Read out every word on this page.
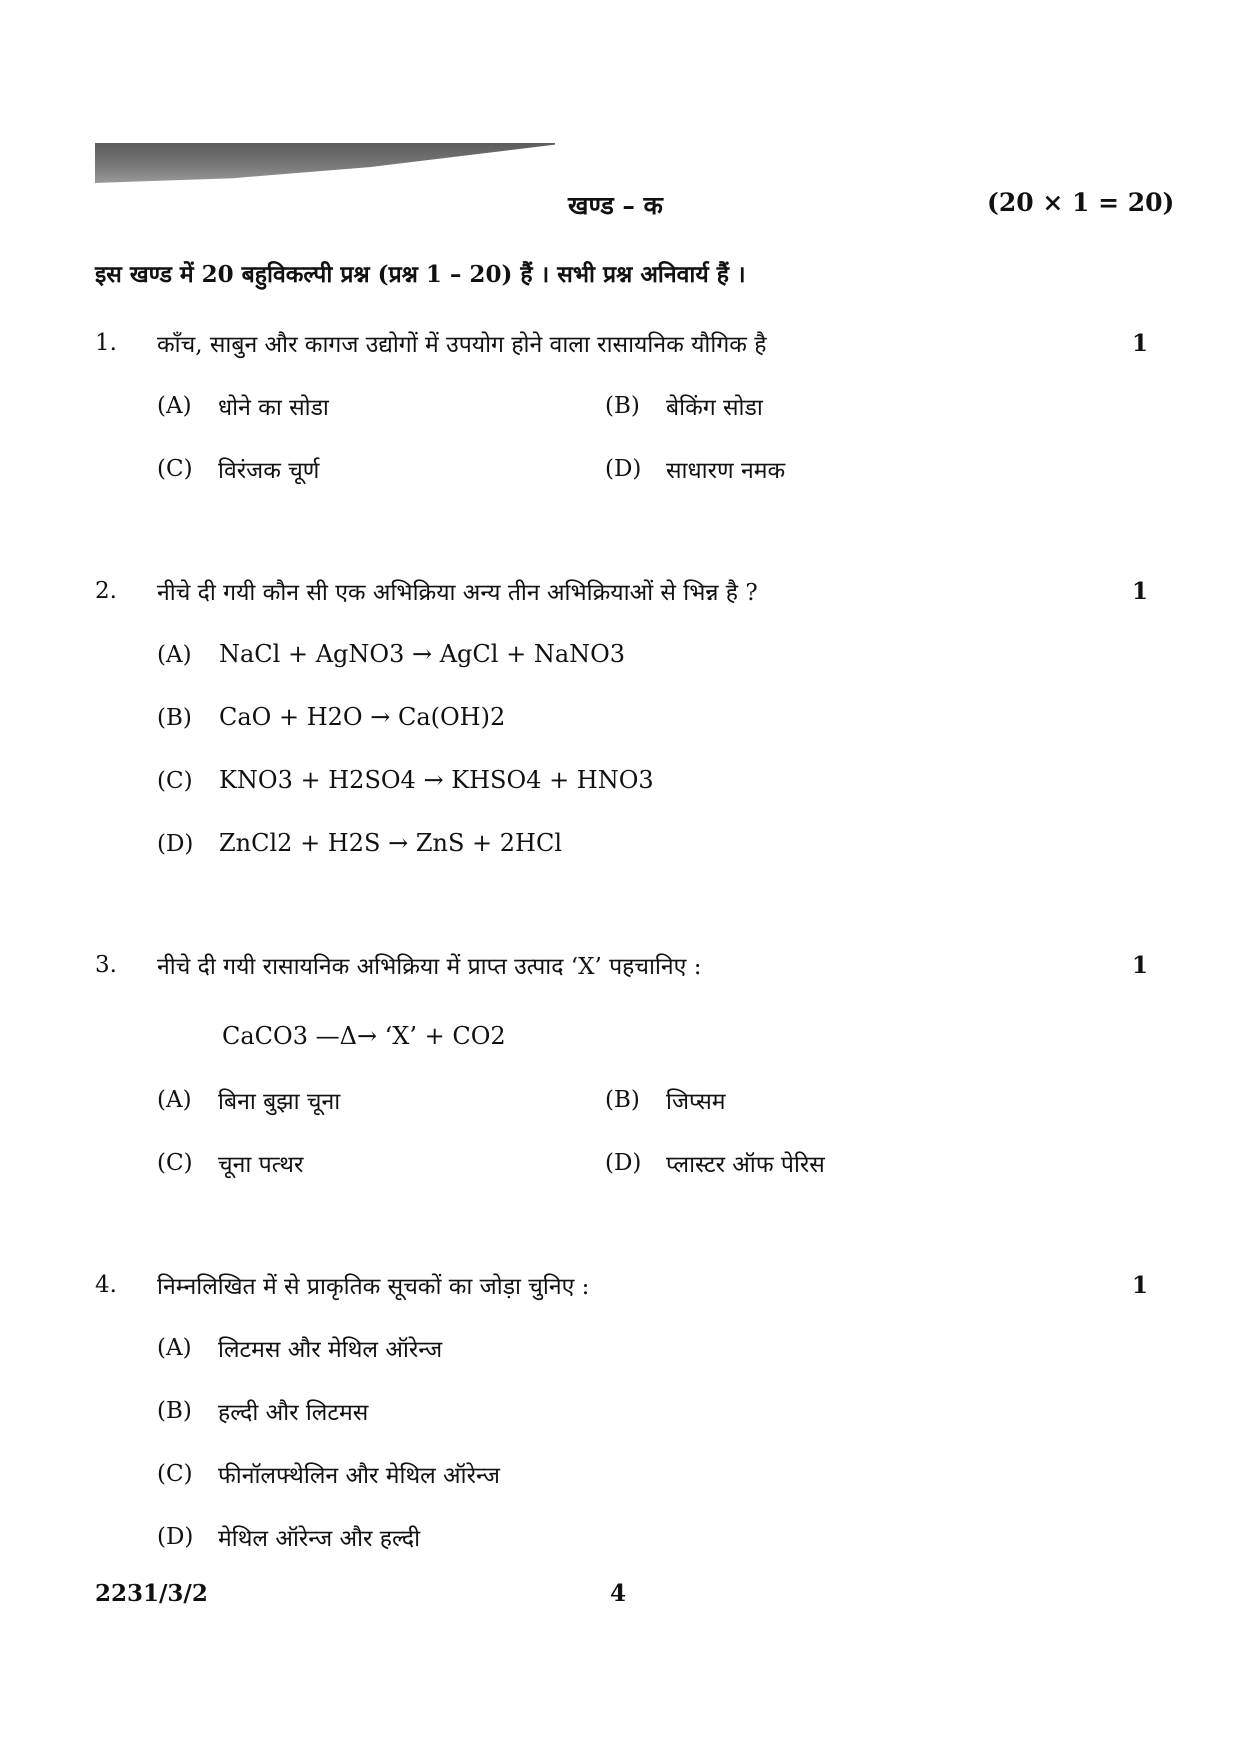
खण्ड – क	(20 × 1 = 20)
इस खण्ड में 20 बहुविकल्पी प्रश्न (प्रश्न 1 – 20) हैं । सभी प्रश्न अनिवार्य हैं ।
1. काँच, साबुन और कागज उद्योगों में उपयोग होने वाला रासायनिक यौगिक है	1
(A) धोने का सोडा	(B) बेकिंग सोडा
(C) विरंजक चूर्ण	(D) साधारण नमक
2. नीचे दी गयी कौन सी एक अभिक्रिया अन्य तीन अभिक्रियाओं से भिन्न है ?	1
(A) NaCl + AgNO3 → AgCl + NaNO3
(B) CaO + H2O → Ca(OH)2
(C) KNO3 + H2SO4 → KHSO4 + HNO3
(D) ZnCl2 + H2S → ZnS + 2HCl
3. नीचे दी गयी रासायनिक अभिक्रिया में प्राप्त उत्पाद ‘X’ पहचानिए :	1
CaCO3 —Δ→ ‘X’ + CO2
(A) बिना बुझा चूना	(B) जिप्सम
(C) चूना पत्थर	(D) प्लास्टर ऑफ पेरिस
4. निम्नलिखित में से प्राकृतिक सूचकों का जोड़ा चुनिए :	1
(A) लिटमस और मेथिल ऑरेन्ज
(B) हल्दी और लिटमस
(C) फीनॉलफ्थेलिन और मेथिल ऑरेन्ज
(D) मेथिल ऑरेन्ज और हल्दी
2231/3/2	4
